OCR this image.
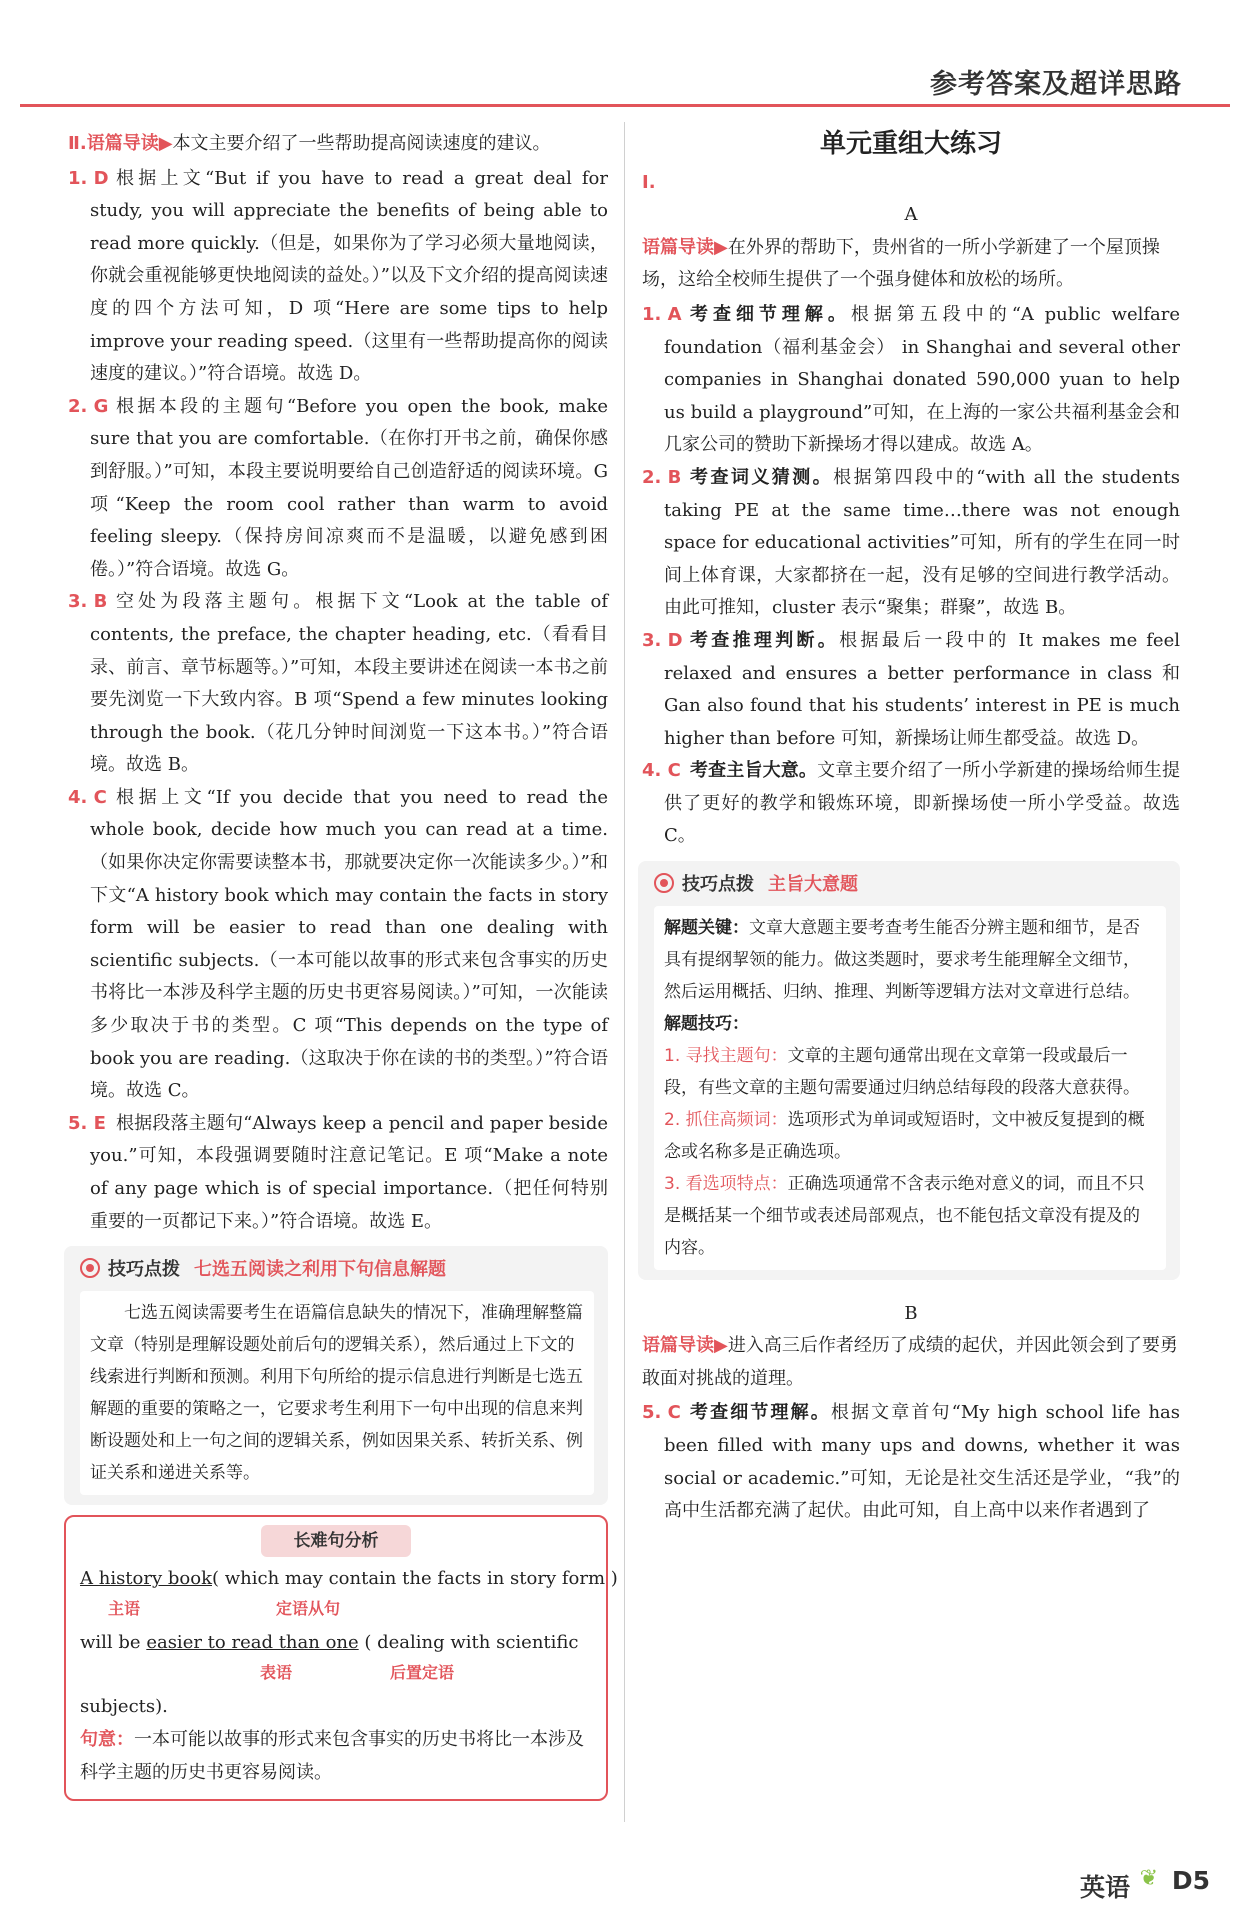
参考答案及超详思路
Ⅱ.语篇导读▶本文主要介绍了一些帮助提高阅读速度的建议。
1. D 根据上文“But if you have to read a great deal for study, you will appreciate the benefits of being able to read more quickly.（但是，如果你为了学习必须大量地阅读，你就会重视能够更快地阅读的益处。）”以及下文介绍的提高阅读速度的四个方法可知，D 项“Here are some tips to help improve your reading speed.（这里有一些帮助提高你的阅读速度的建议。）”符合语境。故选 D。
2. G 根据本段的主题句“Before you open the book, make sure that you are comfortable.（在你打开书之前，确保你感到舒服。）”可知，本段主要说明要给自己创造舒适的阅读环境。G 项“Keep the room cool rather than warm to avoid feeling sleepy.（保持房间凉爽而不是温暖，以避免感到困倦。）”符合语境。故选 G。
3. B 空处为段落主题句。根据下文“Look at the table of contents, the preface, the chapter heading, etc.（看看目录、前言、章节标题等。）”可知，本段主要讲述在阅读一本书之前要先浏览一下大致内容。B 项“Spend a few minutes looking through the book.（花几分钟时间浏览一下这本书。）”符合语境。故选 B。
4. C 根据上文“If you decide that you need to read the whole book, decide how much you can read at a time.（如果你决定你需要读整本书，那就要决定你一次能读多少。）”和下文“A history book which may contain the facts in story form will be easier to read than one dealing with scientific subjects.（一本可能以故事的形式来包含事实的历史书将比一本涉及科学主题的历史书更容易阅读。）”可知，一次能读多少取决于书的类型。C 项“This depends on the type of book you are reading.（这取决于你在读的书的类型。）”符合语境。故选 C。
5. E 根据段落主题句“Always keep a pencil and paper beside you.”可知，本段强调要随时注意记笔记。E 项“Make a note of any page which is of special importance.（把任何特别重要的一页都记下来。）”符合语境。故选 E。
技巧点拨 七选五阅读之利用下句信息解题
七选五阅读需要考生在语篇信息缺失的情况下，准确理解整篇文章（特别是理解设题处前后句的逻辑关系），然后通过上下文的线索进行判断和预测。利用下句所给的提示信息进行判断是七选五解题的重要的策略之一，它要求考生利用下一句中出现的信息来判断设题处和上一句之间的逻辑关系，例如因果关系、转折关系、例证关系和递进关系等。
长难句分析
A history book( which may contain the facts in story form )
主语	定语从句
will be easier to read than one ( dealing with scientific
表语	后置定语
subjects).
句意：一本可能以故事的形式来包含事实的历史书将比一本涉及科学主题的历史书更容易阅读。
单元重组大练习
Ⅰ.
A
语篇导读▶在外界的帮助下，贵州省的一所小学新建了一个屋顶操场，这给全校师生提供了一个强身健体和放松的场所。
1. A 考查细节理解。根据第五段中的“A public welfare foundation（福利基金会） in Shanghai and several other companies in Shanghai donated 590,000 yuan to help us build a playground”可知，在上海的一家公共福利基金会和几家公司的赞助下新操场才得以建成。故选 A。
2. B 考查词义猜测。根据第四段中的“with all the students taking PE at the same time…there was not enough space for educational activities”可知，所有的学生在同一时间上体育课，大家都挤在一起，没有足够的空间进行教学活动。由此可推知，cluster 表示“聚集；群聚”，故选 B。
3. D 考查推理判断。根据最后一段中的 It makes me feel relaxed and ensures a better performance in class 和 Gan also found that his students’ interest in PE is much higher than before 可知，新操场让师生都受益。故选 D。
4. C 考查主旨大意。文章主要介绍了一所小学新建的操场给师生提供了更好的教学和锻炼环境，即新操场使一所小学受益。故选 C。
技巧点拨 主旨大意题
解题关键：文章大意题主要考查考生能否分辨主题和细节，是否具有提纲挈领的能力。做这类题时，要求考生能理解全文细节，然后运用概括、归纳、推理、判断等逻辑方法对文章进行总结。
解题技巧：
1. 寻找主题句：文章的主题句通常出现在文章第一段或最后一段，有些文章的主题句需要通过归纳总结每段的段落大意获得。
2. 抓住高频词：选项形式为单词或短语时，文中被反复提到的概念或名称多是正确选项。
3. 看选项特点：正确选项通常不含表示绝对意义的词，而且不只是概括某一个细节或表述局部观点，也不能包括文章没有提及的内容。
B
语篇导读▶进入高三后作者经历了成绩的起伏，并因此领会到了要勇敢面对挑战的道理。
5. C 考查细节理解。根据文章首句“My high school life has been filled with many ups and downs, whether it was social or academic.”可知，无论是社交生活还是学业，“我”的高中生活都充满了起伏。由此可知，自上高中以来作者遇到了
英语 ❦ D5
